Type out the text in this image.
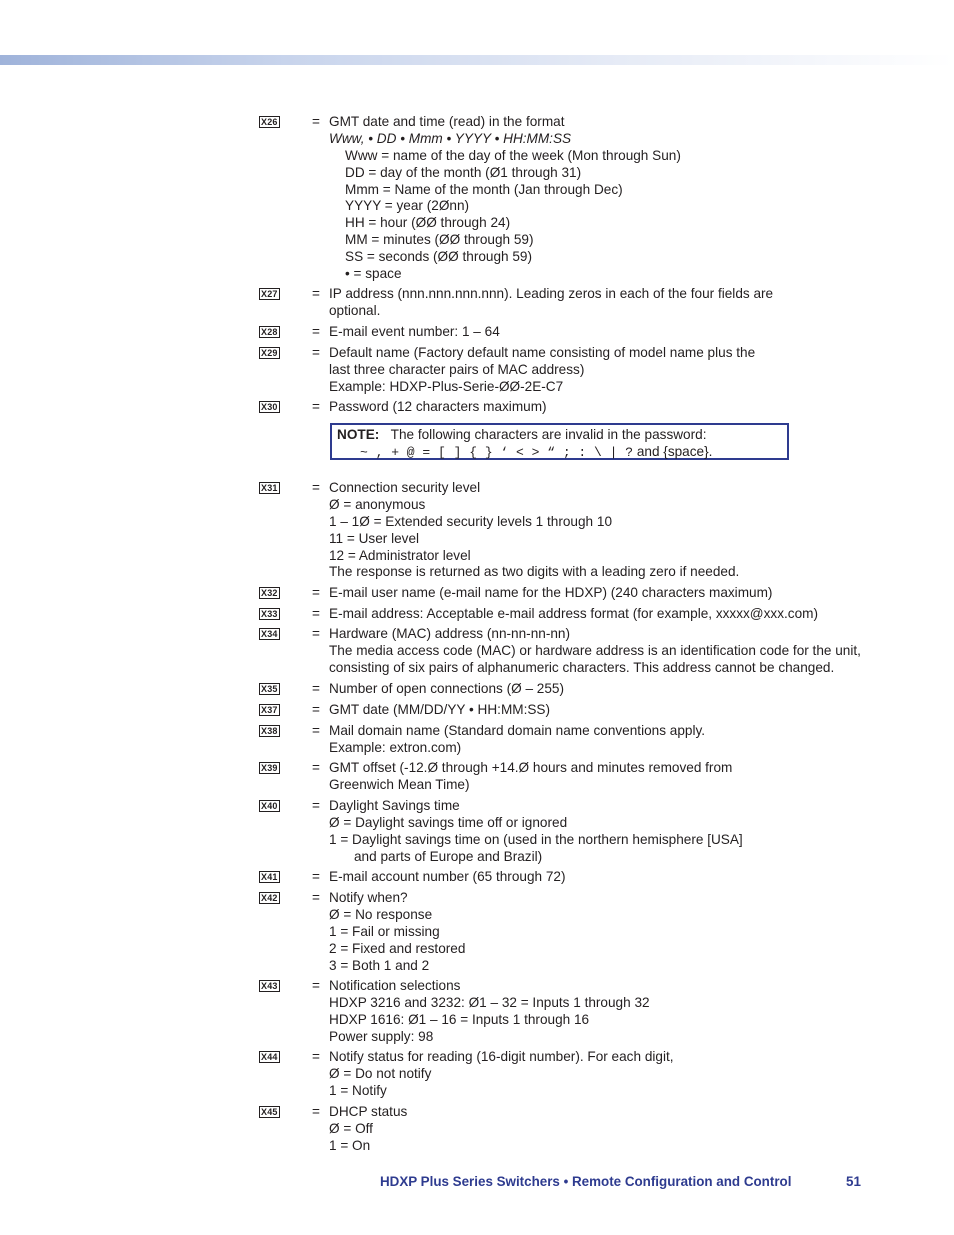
X26	= GMT date and time (read) in the format
Www, • DD • Mmm • YYYY • HH:MM:SS
Www = name of the day of the week (Mon through Sun)
DD = day of the month (Ø1 through 31)
Mmm = Name of the month (Jan through Dec)
YYYY = year (2Ønn)
HH = hour (ØØ through 24)
MM = minutes (ØØ through 59)
SS = seconds (ØØ through 59)
• = space
X27	= IP address (nnn.nnn.nnn.nnn). Leading zeros in each of the four fields are
optional.
X28	= E-mail event number: 1 – 64
X29	= Default name (Factory default name consisting of model name plus the
last three character pairs of MAC address)
Example: HDXP-Plus-Serie-ØØ-2E-C7
X30	= Password (12 characters maximum)
NOTE: The following characters are invalid in the password:
~ , + @ = [ ] { } ‘ < > “ ; : \ | ? and {space}.
X31	= Connection security level
Ø = anonymous
1 – 1Ø = Extended security levels 1 through 10
11 = User level
12 = Administrator level
The response is returned as two digits with a leading zero if needed.
X32	= E-mail user name (e-mail name for the HDXP) (240 characters maximum)
X33	= E-mail address: Acceptable e-mail address format (for example, xxxxx@xxx.com)
X34	= Hardware (MAC) address (nn-nn-nn-nn)
The media access code (MAC) or hardware address is an identification code for the unit,
consisting of six pairs of alphanumeric characters. This address cannot be changed.
X35	= Number of open connections (Ø – 255)
X37	= GMT date (MM/DD/YY • HH:MM:SS)
X38	= Mail domain name (Standard domain name conventions apply.
Example: extron.com)
X39	= GMT offset (-12.Ø through +14.Ø hours and minutes removed from
Greenwich Mean Time)
X40	= Daylight Savings time
Ø = Daylight savings time off or ignored
1 = Daylight savings time on (used in the northern hemisphere [USA]
and parts of Europe and Brazil)
X41	= E-mail account number (65 through 72)
X42	= Notify when?
Ø = No response
1 = Fail or missing
2 = Fixed and restored
3 = Both 1 and 2
X43	= Notification selections
HDXP 3216 and 3232: Ø1 – 32 = Inputs 1 through 32
HDXP 1616: Ø1 – 16 = Inputs 1 through 16
Power supply: 98
X44	= Notify status for reading (16-digit number). For each digit,
Ø = Do not notify
1 = Notify
X45	= DHCP status
Ø = Off
1 = On
HDXP Plus Series Switchers • Remote Configuration and Control	51
